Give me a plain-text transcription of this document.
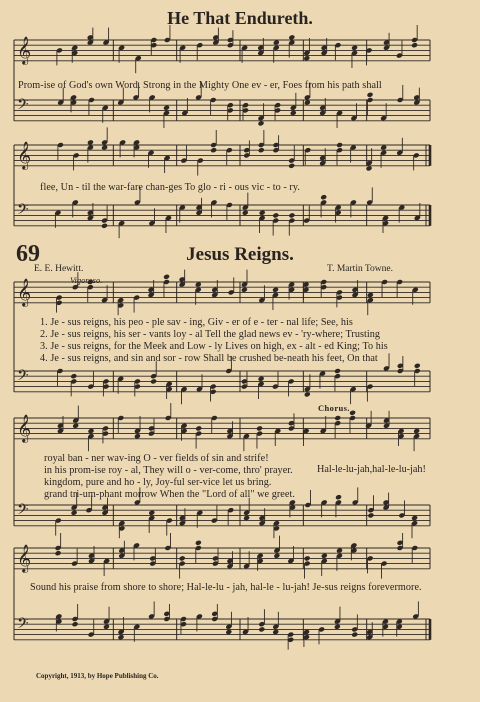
He That Endureth.
𝄞
𝄢
𝄞
𝄢
𝄞
𝄢
𝄞
𝄢
𝄞
𝄢
Prom-ise of God's own Word. Strong in the Mighty One ev - er, Foes from his path shall
flee, Un - til the war-fare chan-ges To glo - ri - ous vic - to - ry.
69	Jesus Reigns.
E. E. Hewitt.
Vigoroso.
T. Martin Towne.
1. Je - sus reigns, his peo - ple sav - ing, Giv - er of e - ter - nal life; See, his
2. Je - sus reigns, his ser - vants loy - al Tell the glad news ev - 'ry-where; Trusting
3. Je - sus reigns, for the Meek and Low - ly Lives on high, ex - alt - ed King; To his
4. Je - sus reigns, and sin and sor - row Shall be crushed be-neath his feet, On that
Chorus.
royal ban - ner wav-ing O - ver fields of sin and strife!
in his prom-ise roy - al, They will o - ver-come, thro' prayer.
kingdom, pure and ho - ly, Joy-ful ser-vice let us bring.
grand tri-um-phant morrow When the "Lord of all" we greet.
Hal-le-lu-jah,hal-le-lu-jah!
Sound his praise from shore to shore; Hal-le-lu - jah, hal-le - lu-jah! Je-sus reigns forevermore.
Copyright, 1913, by Hope Publishing Co.
